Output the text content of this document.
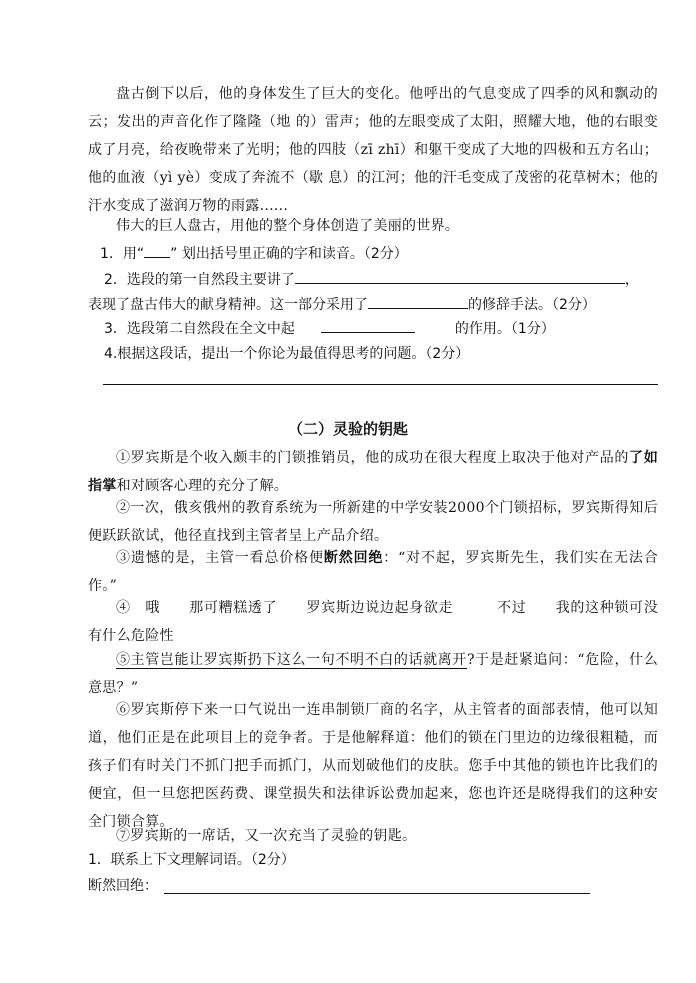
盘古倒下以后，他的身体发生了巨大的变化。他呼出的气息变成了四季的风和飘动的云；发出的声音化作了隆隆（地 的）雷声；他的左眼变成了太阳，照耀大地，他的右眼变成了月亮，给夜晚带来了光明；他的四肢（zī zhī）和躯干变成了大地的四极和五方名山；他的血液（yì yè）变成了奔流不（歇 息）的江河；他的汗毛变成了茂密的花草树木；他的汗水变成了滋润万物的雨露......

伟大的巨人盘古，用他的整个身体创造了美丽的世界。

1．用“ ” 划出括号里正确的字和读音。（2分）
2．选段的第一自然段主要讲了	，
表现了盘古伟大的献身精神。这一部分采用了	的修辞手法。（2分）
3．选段第二自然段在全文中起	的作用。（1分）
4.根据这段话，提出一个你论为最值得思考的问题。（2分）
（二）灵验的钥匙

①罗宾斯是个收入颇丰的门锁推销员，他的成功在很大程度上取决于他对产品的了如指掌和对顾客心理的充分了解。

②一次，俄亥俄州的教育系统为一所新建的中学安装2000个门锁招标，罗宾斯得知后便跃跃欲试，他径直找到主管者呈上产品介绍。

③遗憾的是，主管一看总价格便断然回绝：“对不起，罗宾斯先生，我们实在无法合作。”

④　哦　　那可糟糕透了　　罗宾斯边说边起身欲走　　　不过　　我的这种锁可没有什么危险性

⑤主管岂能让罗宾斯扔下这么一句不明不白的话就离开?于是赶紧追问：“危险，什么意思？”

⑥罗宾斯停下来一口气说出一连串制锁厂商的名字，从主管者的面部表情，他可以知道，他们正是在此项目上的竞争者。于是他解释道：他们的锁在门里边的边缘很粗糙，而孩子们有时关门不抓门把手而抓门，从而划破他们的皮肤。您手中其他的锁也许比我们的便宜，但一旦您把医药费、课堂损失和法律诉讼费加起来，您也许还是晓得我们的这种安全门锁合算。

⑦罗宾斯的一席话，又一次充当了灵验的钥匙。

1．联系上下文理解词语。（2分）
断然回绝：
